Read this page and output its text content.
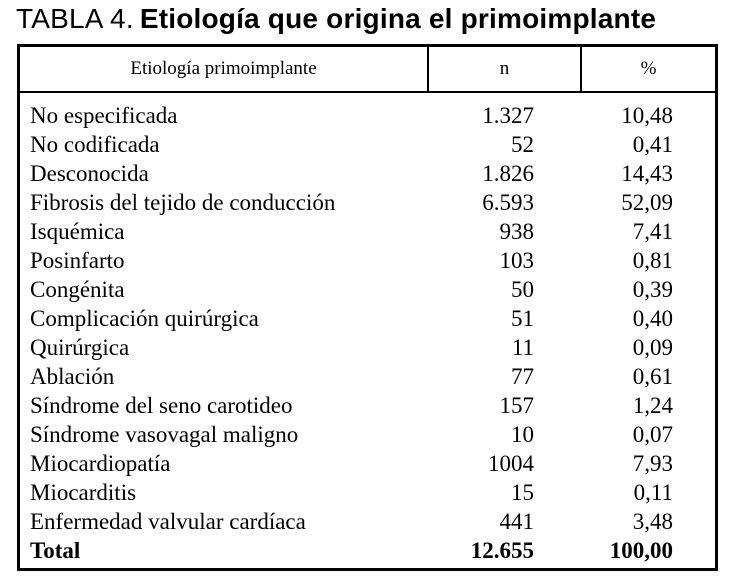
TABLA 4. Etiología que origina el primoimplante
Etiología primoimplante	n	%
No especificada	1.327	10,48
No codificada	52	0,41
Desconocida	1.826	14,43
Fibrosis del tejido de conducción	6.593	52,09
Isquémica	938	7,41
Posinfarto	103	0,81
Congénita	50	0,39
Complicación quirúrgica	51	0,40
Quirúrgica	11	0,09
Ablación	77	0,61
Síndrome del seno carotideo	157	1,24
Síndrome vasovagal maligno	10	0,07
Miocardiopatía	1004	7,93
Miocarditis	15	0,11
Enfermedad valvular cardíaca	441	3,48
Total	12.655	100,00
